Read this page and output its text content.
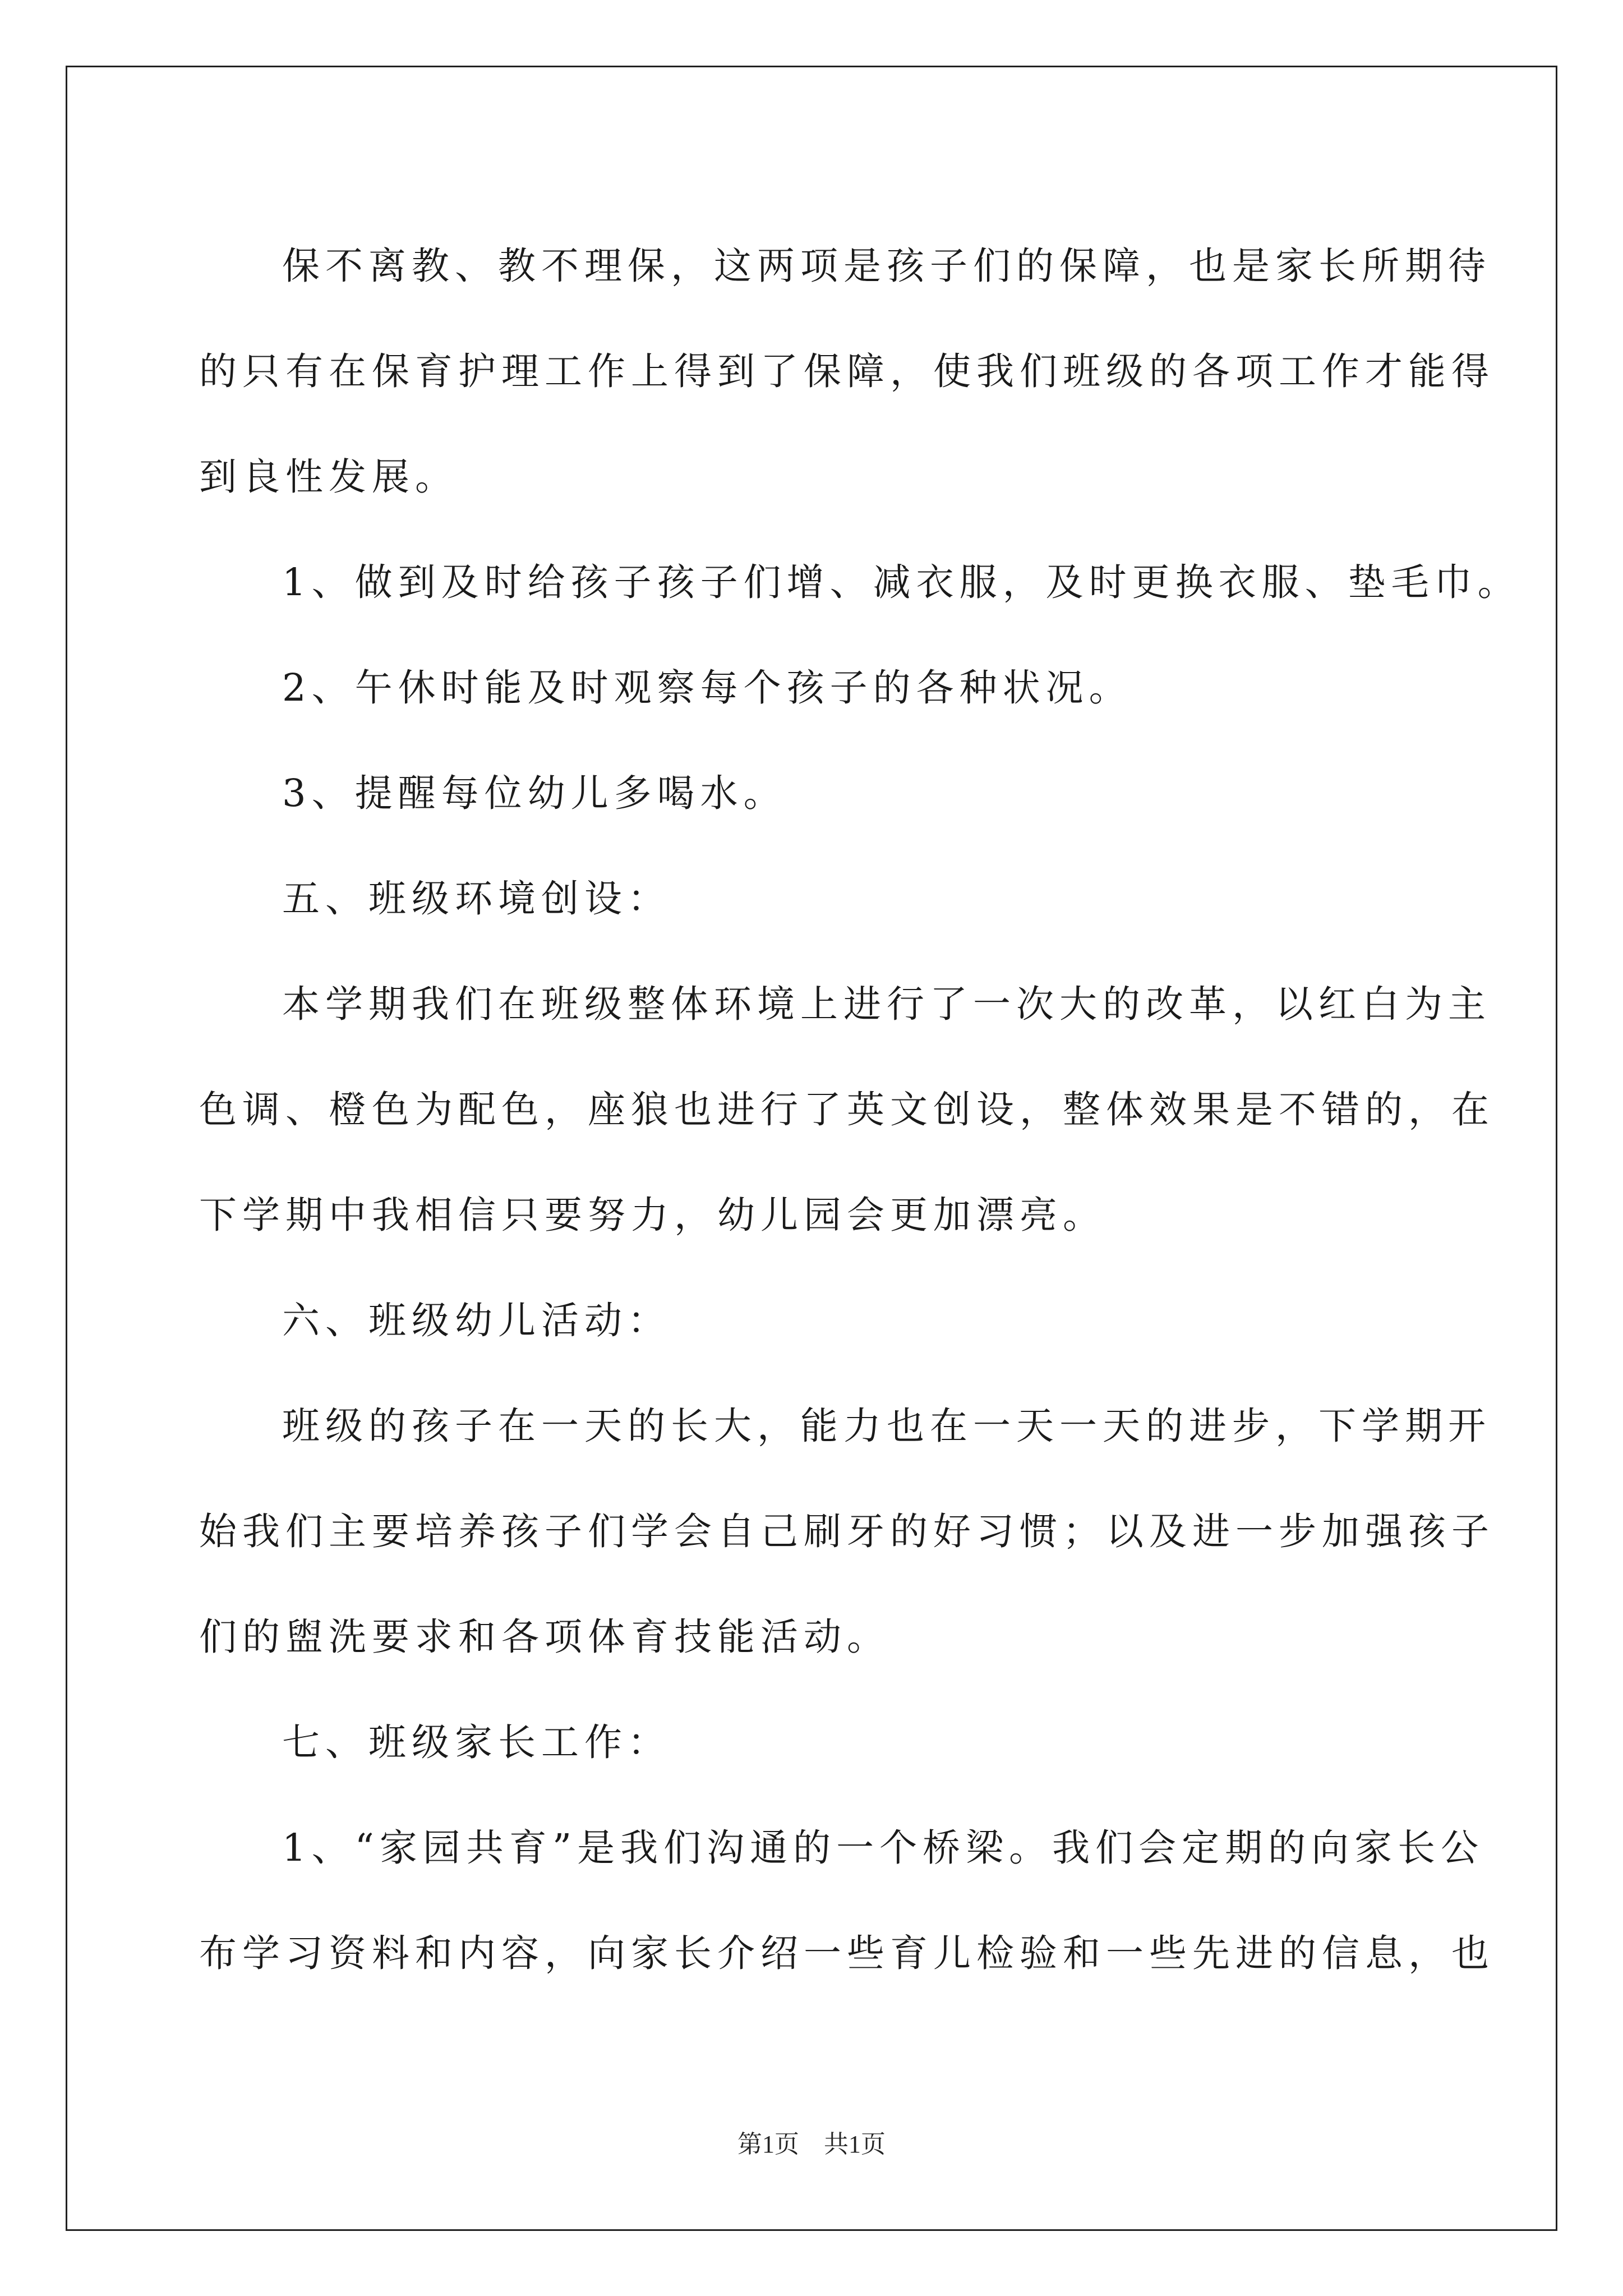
保不离教、教不理保，这两项是孩子们的保障，也是家长所期待
的只有在保育护理工作上得到了保障，使我们班级的各项工作才能得
到良性发展。
1、做到及时给孩子孩子们增、减衣服，及时更换衣服、垫毛巾。
2、午休时能及时观察每个孩子的各种状况。
3、提醒每位幼儿多喝水。
五、班级环境创设：
本学期我们在班级整体环境上进行了一次大的改革，以红白为主
色调、橙色为配色，座狼也进行了英文创设，整体效果是不错的，在
下学期中我相信只要努力，幼儿园会更加漂亮。
六、班级幼儿活动：
班级的孩子在一天的长大，能力也在一天一天的进步，下学期开
始我们主要培养孩子们学会自己刷牙的好习惯；以及进一步加强孩子
们的盥洗要求和各项体育技能活动。
七、班级家长工作：
1、“家园共育”是我们沟通的一个桥梁。我们会定期的向家长公
布学习资料和内容，向家长介绍一些育儿检验和一些先进的信息，也
第1页　共1页
